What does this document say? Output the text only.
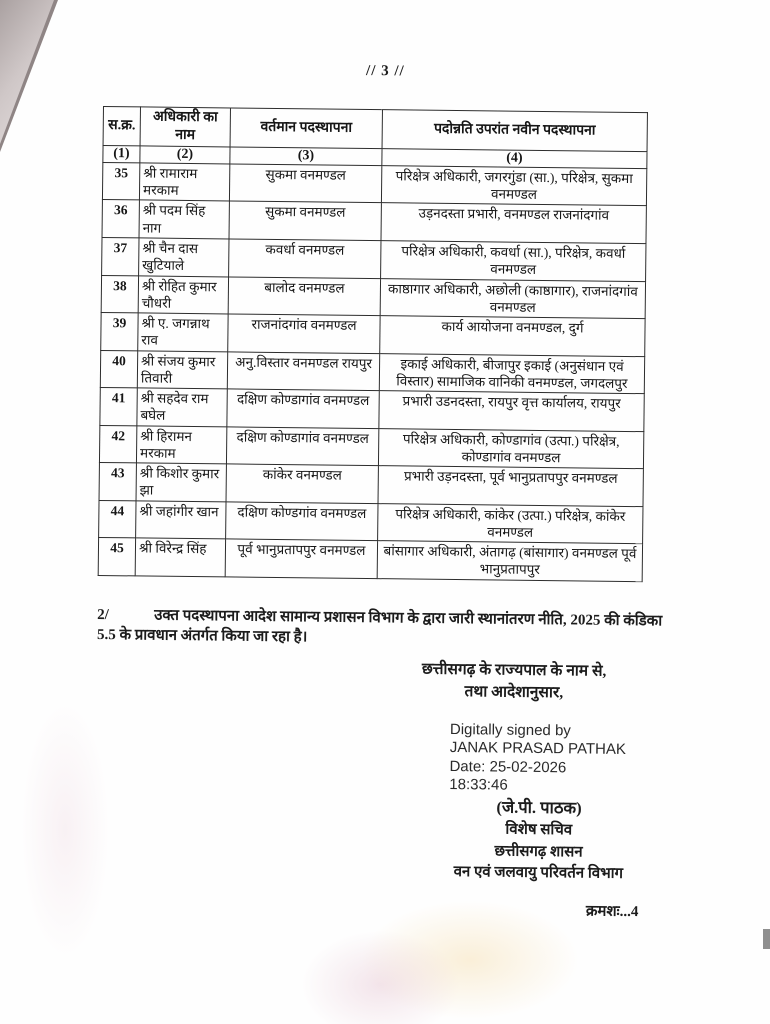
// 3 //
स.क्र.	अधिकारी का नाम	वर्तमान पदस्थापना	पदोन्नति उपरांत नवीन पदस्थापना
(1)	(2)	(3)	(4)
35	श्री रामाराम मरकाम	सुकमा वनमण्डल	परिक्षेत्र अधिकारी, जगरगुंडा (सा.), परिक्षेत्र, सुकमा वनमण्डल
36	श्री पदम सिंह नाग	सुकमा वनमण्डल	उड़नदस्ता प्रभारी, वनमण्डल राजनांदगांव
37	श्री चैन दास खुटियाले	कवर्धा वनमण्डल	परिक्षेत्र अधिकारी, कवर्धा (सा.), परिक्षेत्र, कवर्धा वनमण्डल
38	श्री रोहित कुमार चौधरी	बालोद वनमण्डल	काष्ठागार अधिकारी, अछोली (काष्ठागार), राजनांदगांव वनमण्डल
39	श्री ए. जगन्नाथ राव	राजनांदगांव वनमण्डल	कार्य आयोजना वनमण्डल, दुर्ग
40	श्री संजय कुमार तिवारी	अनु.विस्तार वनमण्डल रायपुर	इकाई अधिकारी, बीजापुर इकाई (अनुसंधान एवं विस्तार) सामाजिक वानिकी वनमण्डल, जगदलपुर
41	श्री सहदेव राम बघेल	दक्षिण कोण्डागांव वनमण्डल	प्रभारी उडनदस्ता, रायपुर वृत्त कार्यालय, रायपुर
42	श्री हिरामन मरकाम	दक्षिण कोण्डागांव वनमण्डल	परिक्षेत्र अधिकारी, कोण्डागांव (उत्पा.) परिक्षेत्र, कोण्डागांव वनमण्डल
43	श्री किशोर कुमार झा	कांकेर वनमण्डल	प्रभारी उड़नदस्ता, पूर्व भानुप्रतापपुर वनमण्डल
44	श्री जहांगीर खान	दक्षिण कोण्डगांव वनमण्डल	परिक्षेत्र अधिकारी, कांकेर (उत्पा.) परिक्षेत्र, कांकेर वनमण्डल
45	श्री विरेन्द्र सिंह	पूर्व भानुप्रतापपुर वनमण्डल	बांसागार अधिकारी, अंतागढ़ (बांसागार) वनमण्डल पूर्व भानुप्रतापपुर

2/	उक्त पदस्थापना आदेश सामान्य प्रशासन विभाग के द्वारा जारी स्थानांतरण नीति, 2025 की कंडिका 5.5 के प्रावधान अंतर्गत किया जा रहा है।

छत्तीसगढ़ के राज्यपाल के नाम से,
तथा आदेशानुसार,
Digitally signed by
JANAK PRASAD PATHAK
Date: 25-02-2026
18:33:46
(जे.पी. पाठक)
विशेष सचिव
छत्तीसगढ़ शासन
वन एवं जलवायु परिवर्तन विभाग
क्रमशः...4
